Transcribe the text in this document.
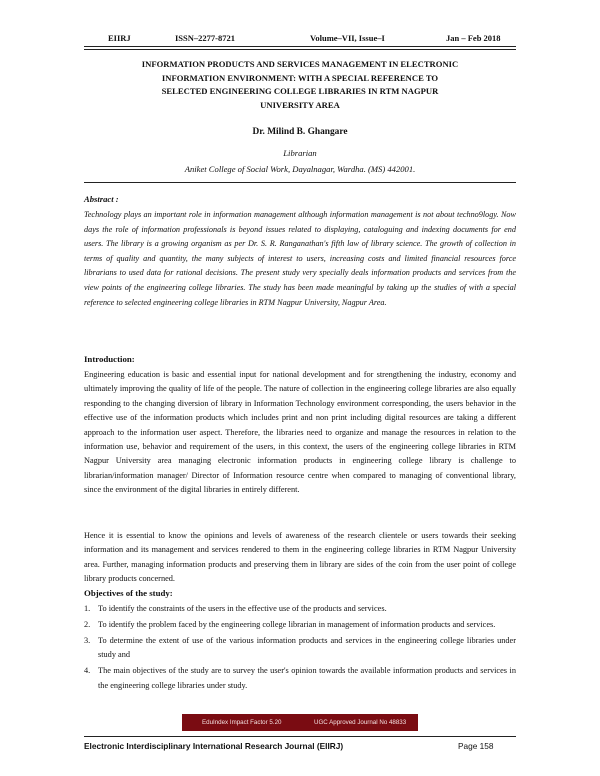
EIIRJ	ISSN–2277-8721	Volume–VII, Issue–I	Jan – Feb 2018
INFORMATION PRODUCTS AND SERVICES MANAGEMENT IN ELECTRONIC
INFORMATION ENVIRONMENT: WITH A SPECIAL REFERENCE TO
SELECTED ENGINEERING COLLEGE LIBRARIES IN RTM NAGPUR
UNIVERSITY AREA
Dr. Milind B. Ghangare
Librarian
Aniket College of Social Work, Dayalnagar, Wardha. (MS) 442001.
Abstract :
Technology plays an important role in information management although information management is not about techno9logy. Now days the role of information professionals is beyond issues related to displaying, cataloguing and indexing documents for end users. The library is a growing organism as per Dr. S. R. Ranganathan's fifth law of library science. The growth of collection in terms of quality and quantity, the many subjects of interest to users, increasing costs and limited financial resources force librarians to used data for rational decisions. The present study very specially deals information products and services from the view points of the engineering college libraries. The study has been made meaningful by taking up the studies of with a special reference to selected engineering college libraries in RTM Nagpur University, Nagpur Area.
Introduction:

Engineering education is basic and essential input for national development and for strengthening the industry, economy and ultimately improving the quality of life of the people. The nature of collection in the engineering college libraries are also equally responding to the changing diversion of library in Information Technology environment corresponding, the users behavior in the effective use of the information products which includes print and non print including digital resources are taking a different approach to the information user aspect. Therefore, the libraries need to organize and manage the resources in relation to the information use, behavior and requirement of the users, in this context, the users of the engineering college libraries in RTM Nagpur University area managing electronic information products in engineering college library is challenge to librarian/information manager/ Director of Information resource centre when compared to managing of conventional library, since the environment of the digital libraries in entirely different.

Hence it is essential to know the opinions and levels of awareness of the research clientele or users towards their seeking information and its management and services rendered to them in the engineering college libraries in RTM Nagpur University area. Further, managing information products and preserving them in library are sides of the coin from the user point of college library products concerned.

Objectives of the study:
1. To identify the constraints of the users in the effective use of the products and services.
2. To identify the problem faced by the engineering college librarian in management of information products and services.
3. To determine the extent of use of the various information products and services in the engineering college libraries under study and
4. The main objectives of the study are to survey the user's opinion towards the available information products and services in the engineering college libraries under study.
EduIndex Impact Factor 5.20	UGC Approved Journal No 48833
Electronic Interdisciplinary International Research Journal (EIIRJ)	Page 158
